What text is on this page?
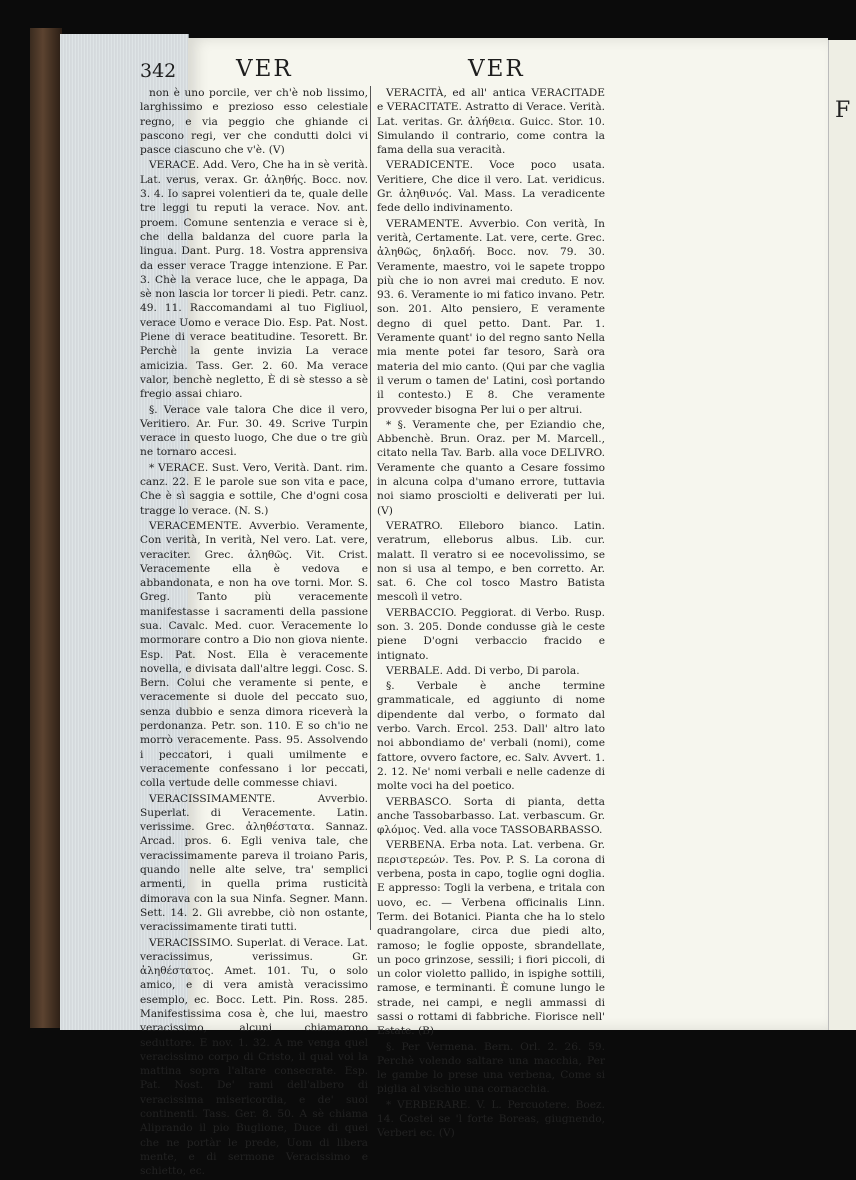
F
342	VER	VER

non è uno porcile, ver ch'è nob lissimo, larghissimo e prezioso esso celestiale regno, e via peggio che ghiande ci pascono regi, ver che condutti dolci vi pasce ciascuno che v'è. (V)

VERACE. Add. Vero, Che ha in sè verità. Lat. verus, verax. Gr. ἀληθής. Bocc. nov. 3. 4. Io saprei volentieri da te, quale delle tre leggi tu reputi la verace. Nov. ant. proem. Comune sentenzia e verace si è, che della baldanza del cuore parla la lingua. Dant. Purg. 18. Vostra apprensiva da esser verace Tragge intenzione. E Par. 3. Chè la verace luce, che le appaga, Da sè non lascia lor torcer li piedi. Petr. canz. 49. 11. Raccomandami al tuo Figliuol, verace Uomo e verace Dio. Esp. Pat. Nost. Piene di verace beatitudine. Tesorett. Br. Perchè la gente invizia La verace amicizia. Tass. Ger. 2. 60. Ma veracе valor, benchè negletto, È di sè stesso a sè fregio assai chiaro.

§. Verace vale talora Che dice il vero, Veritiero. Ar. Fur. 30. 49. Scrive Turpin verace in questo luogo, Che due o tre giù ne tornaro accesi.

* VERACE. Sust. Vero, Verità. Dant. rim. canz. 22. E le parole sue son vita e pace, Che è sì saggia e sottile, Che d'ogni cosa tragge lo verace. (N. S.)

VERACEMENTE. Avverbio. Veramente, Con verità, In verità, Nel vero. Lat. vere, veraciter. Grec. ἀληθῶς. Vit. Crist. Veracemente ella è vedova e abbandonata, e non ha ove torni. Mor. S. Greg. Tanto più veracemente manifestasse i sacramenti della passione sua. Cavalc. Med. cuor. Veracemente lo mormorare contro a Dio non giova niente. Esp. Pat. Nost. Ella è veracemente novella, e divisata dall'altre leggi. Cosc. S. Bern. Colui che veramente si pente, e veracemente si duole del peccato suo, senza dubbio e senza dimora riceverà la perdonanza. Petr. son. 110. E so ch'io ne morrò veracemente. Pass. 95. Assolvendo i peccatori, i quali umilmente e veracemente confessano i lor peccati, colla vertude delle commesse chiavi.

VERACISSIMAMENTE. Avverbio. Superlat. di Veracemente. Latin. verissime. Grec. ἀληθέστατα. Sannaz. Arcad. pros. 6. Egli veniva tale, che veracissimamente pareva il troiano Paris, quando nelle alte selve, tra' semplici armenti, in quella prima rusticità dimorava con la sua Ninfa. Segner. Mann. Sett. 14. 2. Gli avrebbe, ciò non ostante, veracissimamente tirati tutti.

VERACISSIMO. Superlat. di Verace. Lat. veracissimus, verissimus. Gr. ἀληθέστατος. Amet. 101. Tu, o solo amico, e di vera amistà veracissimo esemplo, ec. Bocc. Lett. Pin. Ross. 285. Manifestissima cosa è, che lui, maestro veracissimo, alcuni chiamarono seduttore. E nov. 1. 32. A me venga quel veracissimo corpo di Cristo, il qual voi la mattina sopra l'altare consecrate. Esp. Pat. Nost. De' rami dell'albero di veracissima misericordia, e de' suoi continenti. Tass. Ger. 8. 50. A sè chiama Aliprando il pio Buglione, Duce di quei che ne portàr le prede, Uom di libera mente, e di sermone Veracissimo e schietto, ec.

VERACITÀ, ed all' antica VERACITADE e VERACITATE. Astratto di Verace. Verità. Lat. veritas. Gr. ἀλήθεια. Guicc. Stor. 10. Simulando il contrario, come contra la fama della sua veracità.

VERADICENTE. Voce poco usata. Veritiere, Che dice il vero. Lat. veridicus. Gr. ἀληθινός. Val. Mass. La veradicente fede dello indivinamento.

VERAMENTE. Avverbio. Con verità, In verità, Certamente. Lat. vere, certe. Grec. ἀληθῶς, δηλαδή. Bocc. nov. 79. 30. Veramente, maestro, voi le sapete troppo più che io non avrei mai creduto. E nov. 93. 6. Veramente io mi fatico invano. Petr. son. 201. Alto pensiero, E veramente degno di quel petto. Dant. Par. 1. Veramente quant' io del regno santo Nella mia mente potei far tesoro, Sarà ora materia del mio canto. (Qui par che vaglia il verum o tamen de' Latini, così portando il contesto.) E 8. Che veramente provveder bisogna Per lui o per altrui.

* §. Veramente che, per Eziandio che, Abbenchè. Brun. Oraz. per M. Marcell., citato nella Tav. Barb. alla voce DELIVRO. Veramente che quanto a Cesare fossimo in alcuna colpa d'umano errore, tuttavia noi siamo prosciolti e deliverati per lui. (V)

VERATRO. Elleboro bianco. Latin. veratrum, elleborus albus. Lib. cur. malatt. Il veratro si ee nocevolissimo, se non si usa al tempo, e ben corretto. Ar. sat. 6. Che col tosco Mastro Batista mescolì il vetro.

VERBACCIO. Peggiorat. di Verbo. Rusp. son. 3. 205. Donde condusse già le ceste piene D'ogni verbaccio fracido e intignato.

VERBALE. Add. Di verbo, Di parola.

§. Verbale è anche termine grammaticale, ed aggiunto di nome dipendente dal verbo, o formato dal verbo. Varch. Ercol. 253. Dall' altro lato noi abbondiamo de' verbali (nomi), come fattore, ovvero factore, ec. Salv. Avvert. 1. 2. 12. Ne' nomi verbali e nelle cadenze di molte voci ha del poetico.

VERBASCO. Sorta di pianta, detta anche Tassobarbasso. Lat. verbascum. Gr. φλόμος. Ved. alla voce TASSOBARBASSO.

VERBENA. Erba nota. Lat. verbena. Gr. περιστερεών. Tes. Pov. P. S. La corona di verbena, posta in capo, toglie ogni doglia. E appresso: Togli la verbena, e tritala con uovo, ec. — Verbena officinalis Linn. Term. dei Botanici. Pianta che ha lo stelo quadrangolare, circa due piedi alto, ramoso; le foglie opposte, sbrandellate, un poco grinzose, sessili; i fiori piccoli, di un color violetto pallido, in ispighe sottili, ramose, e terminanti. È comune lungo le strade, nei campi, e negli ammassi di sassi o rottami di fabbriche. Fiorisce nell' Estate. (B)

§. Per Vermena. Bern. Orl. 2. 26. 59. Perchè volendo saltare una macchia, Per le gambe lo prese una verbena, Come si piglia al vischio una cornacchia.

* VERBERARE. V. L. Percuotere. Boez. 14. Costei se 'l forte Boreas, giugnendo, Verberi ec. (V)
